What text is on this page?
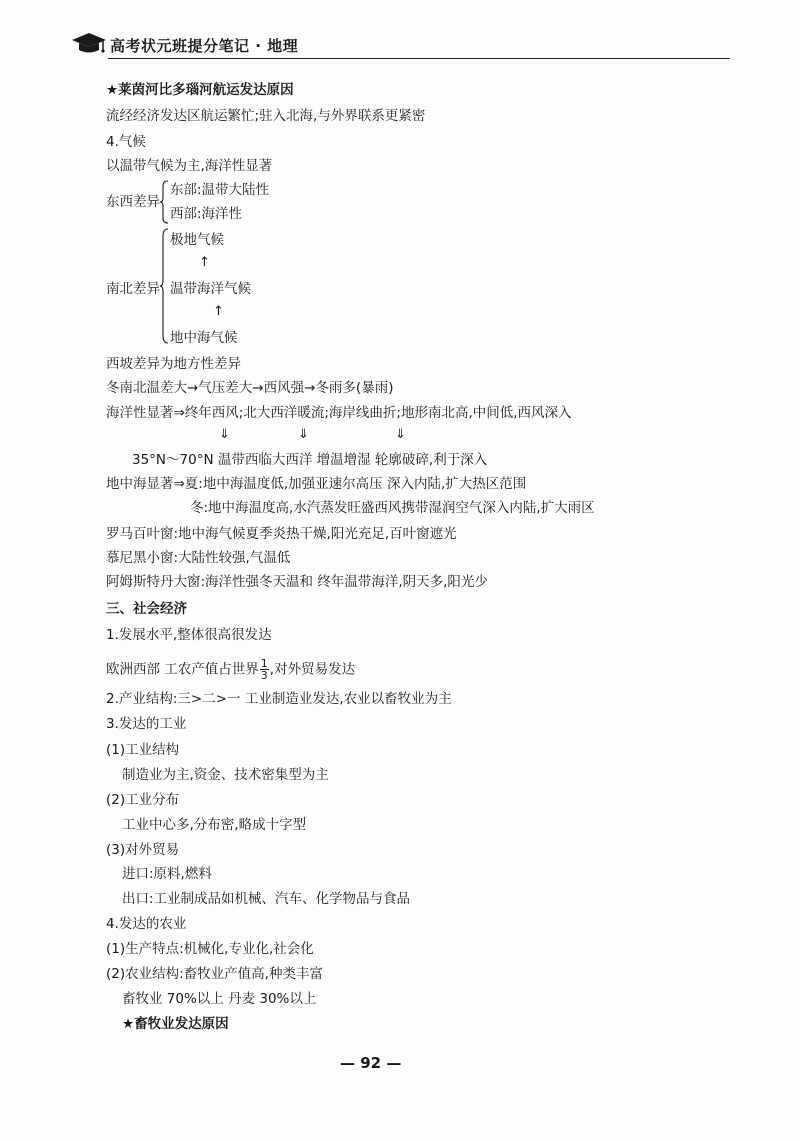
高考状元班提分笔记 · 地理
★莱茵河比多瑙河航运发达原因
流经经济发达区航运繁忙;驻入北海,与外界联系更紧密
4.气候
以温带气候为主,海洋性显著
东西差异
东部:温带大陆性
西部:海洋性
南北差异
极地气候
↑
温带海洋气候
↑
地中海气候
西坡差异为地方性差异
冬南北温差大→气压差大→西风强→冬雨多(暴雨)
海洋性显著⇒终年西风;北大西洋暖流;海岸线曲折;地形南北高,中间低,西风深入
⇓	⇓	⇓
35°N～70°N 温带西临大西洋 增温增湿 轮廓破碎,利于深入
地中海显著⇒夏:地中海温度低,加强亚速尔高压 深入内陆,扩大热区范围
冬:地中海温度高,水汽蒸发旺盛西风携带湿润空气深入内陆,扩大雨区
罗马百叶窗:地中海气候夏季炎热干燥,阳光充足,百叶窗遮光
慕尼黑小窗:大陆性较强,气温低
阿姆斯特丹大窗:海洋性强冬天温和 终年温带海洋,阴天多,阳光少
三、社会经济
1.发展水平,整体很高很发达
欧洲西部 工农产值占世界 $\frac{1}{3}$ ,对外贸易发达
2.产业结构:三>二>一 工业制造业发达,农业以畜牧业为主
3.发达的工业
(1)工业结构
制造业为主,资金、技术密集型为主
(2)工业分布
工业中心多,分布密,略成十字型
(3)对外贸易
进口:原料,燃料
出口:工业制成品如机械、汽车、化学物品与食品
4.发达的农业
(1)生产特点:机械化,专业化,社会化
(2)农业结构:畜牧业产值高,种类丰富
畜牧业 70%以上 丹麦 30%以上
★畜牧业发达原因
— 92 —
